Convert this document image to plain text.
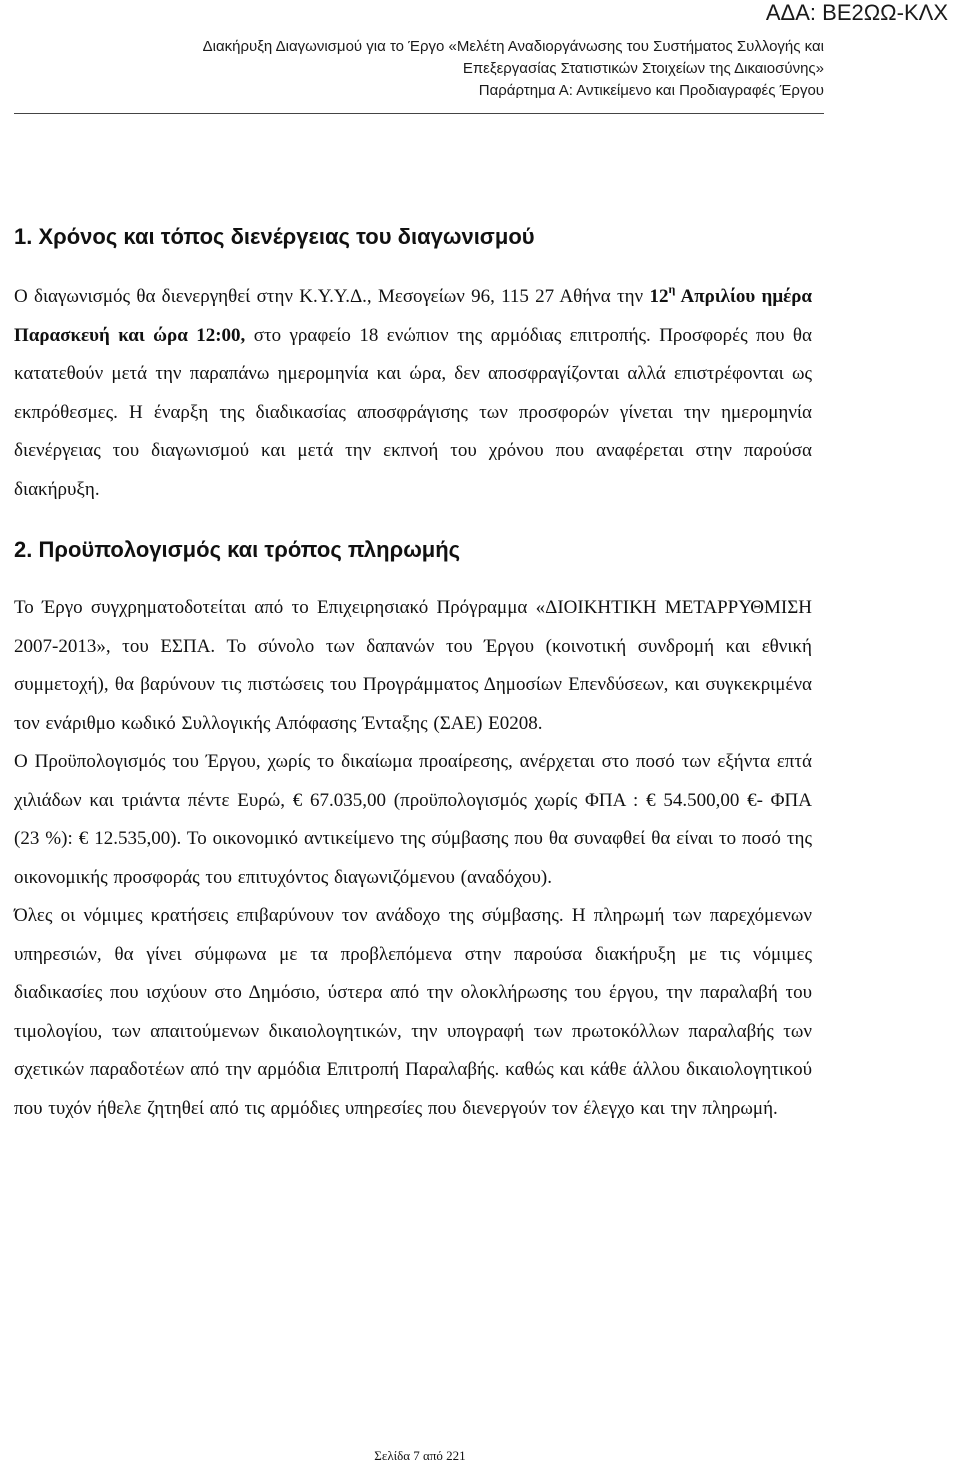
ΑΔΑ: ΒΕ2ΩΩ-ΚΛΧ
Διακήρυξη Διαγωνισμού για το Έργο «Μελέτη Αναδιοργάνωσης του Συστήματος Συλλογής και
Επεξεργασίας Στατιστικών Στοιχείων της Δικαιοσύνης»
Παράρτημα Α: Αντικείμενο και Προδιαγραφές Έργου
1. Χρόνος και τόπος διενέργειας του διαγωνισμού

Ο διαγωνισμός θα διενεργηθεί στην Κ.Υ.Υ.Δ., Μεσογείων 96, 115 27 Αθήνα την $12^\eta$ Απριλίου ημέρα Παρασκευή και ώρα 12:00, στο γραφείο 18 ενώπιον της αρμόδιας επιτροπής. Προσφορές που θα κατατεθούν μετά την παραπάνω ημερομηνία και ώρα, δεν αποσφραγίζονται αλλά επιστρέφονται ως εκπρόθεσμες. Η έναρξη της διαδικασίας αποσφράγισης των προσφορών γίνεται την ημερομηνία διενέργειας του διαγωνισμού και μετά την εκπνοή του χρόνου που αναφέρεται στην παρούσα διακήρυξη.

2. Προϋπολογισμός και τρόπος πληρωμής

Το Έργο συγχρηματοδοτείται από το Επιχειρησιακό Πρόγραμμα «ΔΙΟΙΚΗΤΙΚΗ ΜΕΤΑΡΡΥΘΜΙΣΗ 2007-2013», του ΕΣΠΑ. Το σύνολο των δαπανών του Έργου (κοινοτική συνδρομή και εθνική συμμετοχή), θα βαρύνουν τις πιστώσεις του Προγράμματος Δημοσίων Επενδύσεων, και συγκεκριμένα τον ενάριθμο κωδικό Συλλογικής Απόφασης Ένταξης (ΣΑΕ) Ε0208.

Ο Προϋπολογισμός του Έργου, χωρίς το δικαίωμα προαίρεσης, ανέρχεται στο ποσό των εξήντα επτά χιλιάδων και τριάντα πέντε Ευρώ, € 67.035,00 (προϋπολογισμός χωρίς ΦΠΑ : € 54.500,00 €- ΦΠΑ (23 %): € 12.535,00). Το οικονομικό αντικείμενο της σύμβασης που θα συναφθεί θα είναι το ποσό της οικονομικής προσφοράς του επιτυχόντος διαγωνιζόμενου (αναδόχου).

Όλες οι νόμιμες κρατήσεις επιβαρύνουν τον ανάδοχο της σύμβασης. Η πληρωμή των παρεχόμενων υπηρεσιών, θα γίνει σύμφωνα με τα προβλεπόμενα στην παρούσα διακήρυξη με τις νόμιμες διαδικασίες που ισχύουν στο Δημόσιο, ύστερα από την ολοκλήρωσης του έργου, την παραλαβή του τιμολογίου, των απαιτούμενων δικαιολογητικών, την υπογραφή των πρωτοκόλλων παραλαβής των σχετικών παραδοτέων από την αρμόδια Επιτροπή Παραλαβής. καθώς και κάθε άλλου δικαιολογητικού που τυχόν ήθελε ζητηθεί από τις αρμόδιες υπηρεσίες που διενεργούν τον έλεγχο και την πληρωμή.

Σελίδα 7 από 221
